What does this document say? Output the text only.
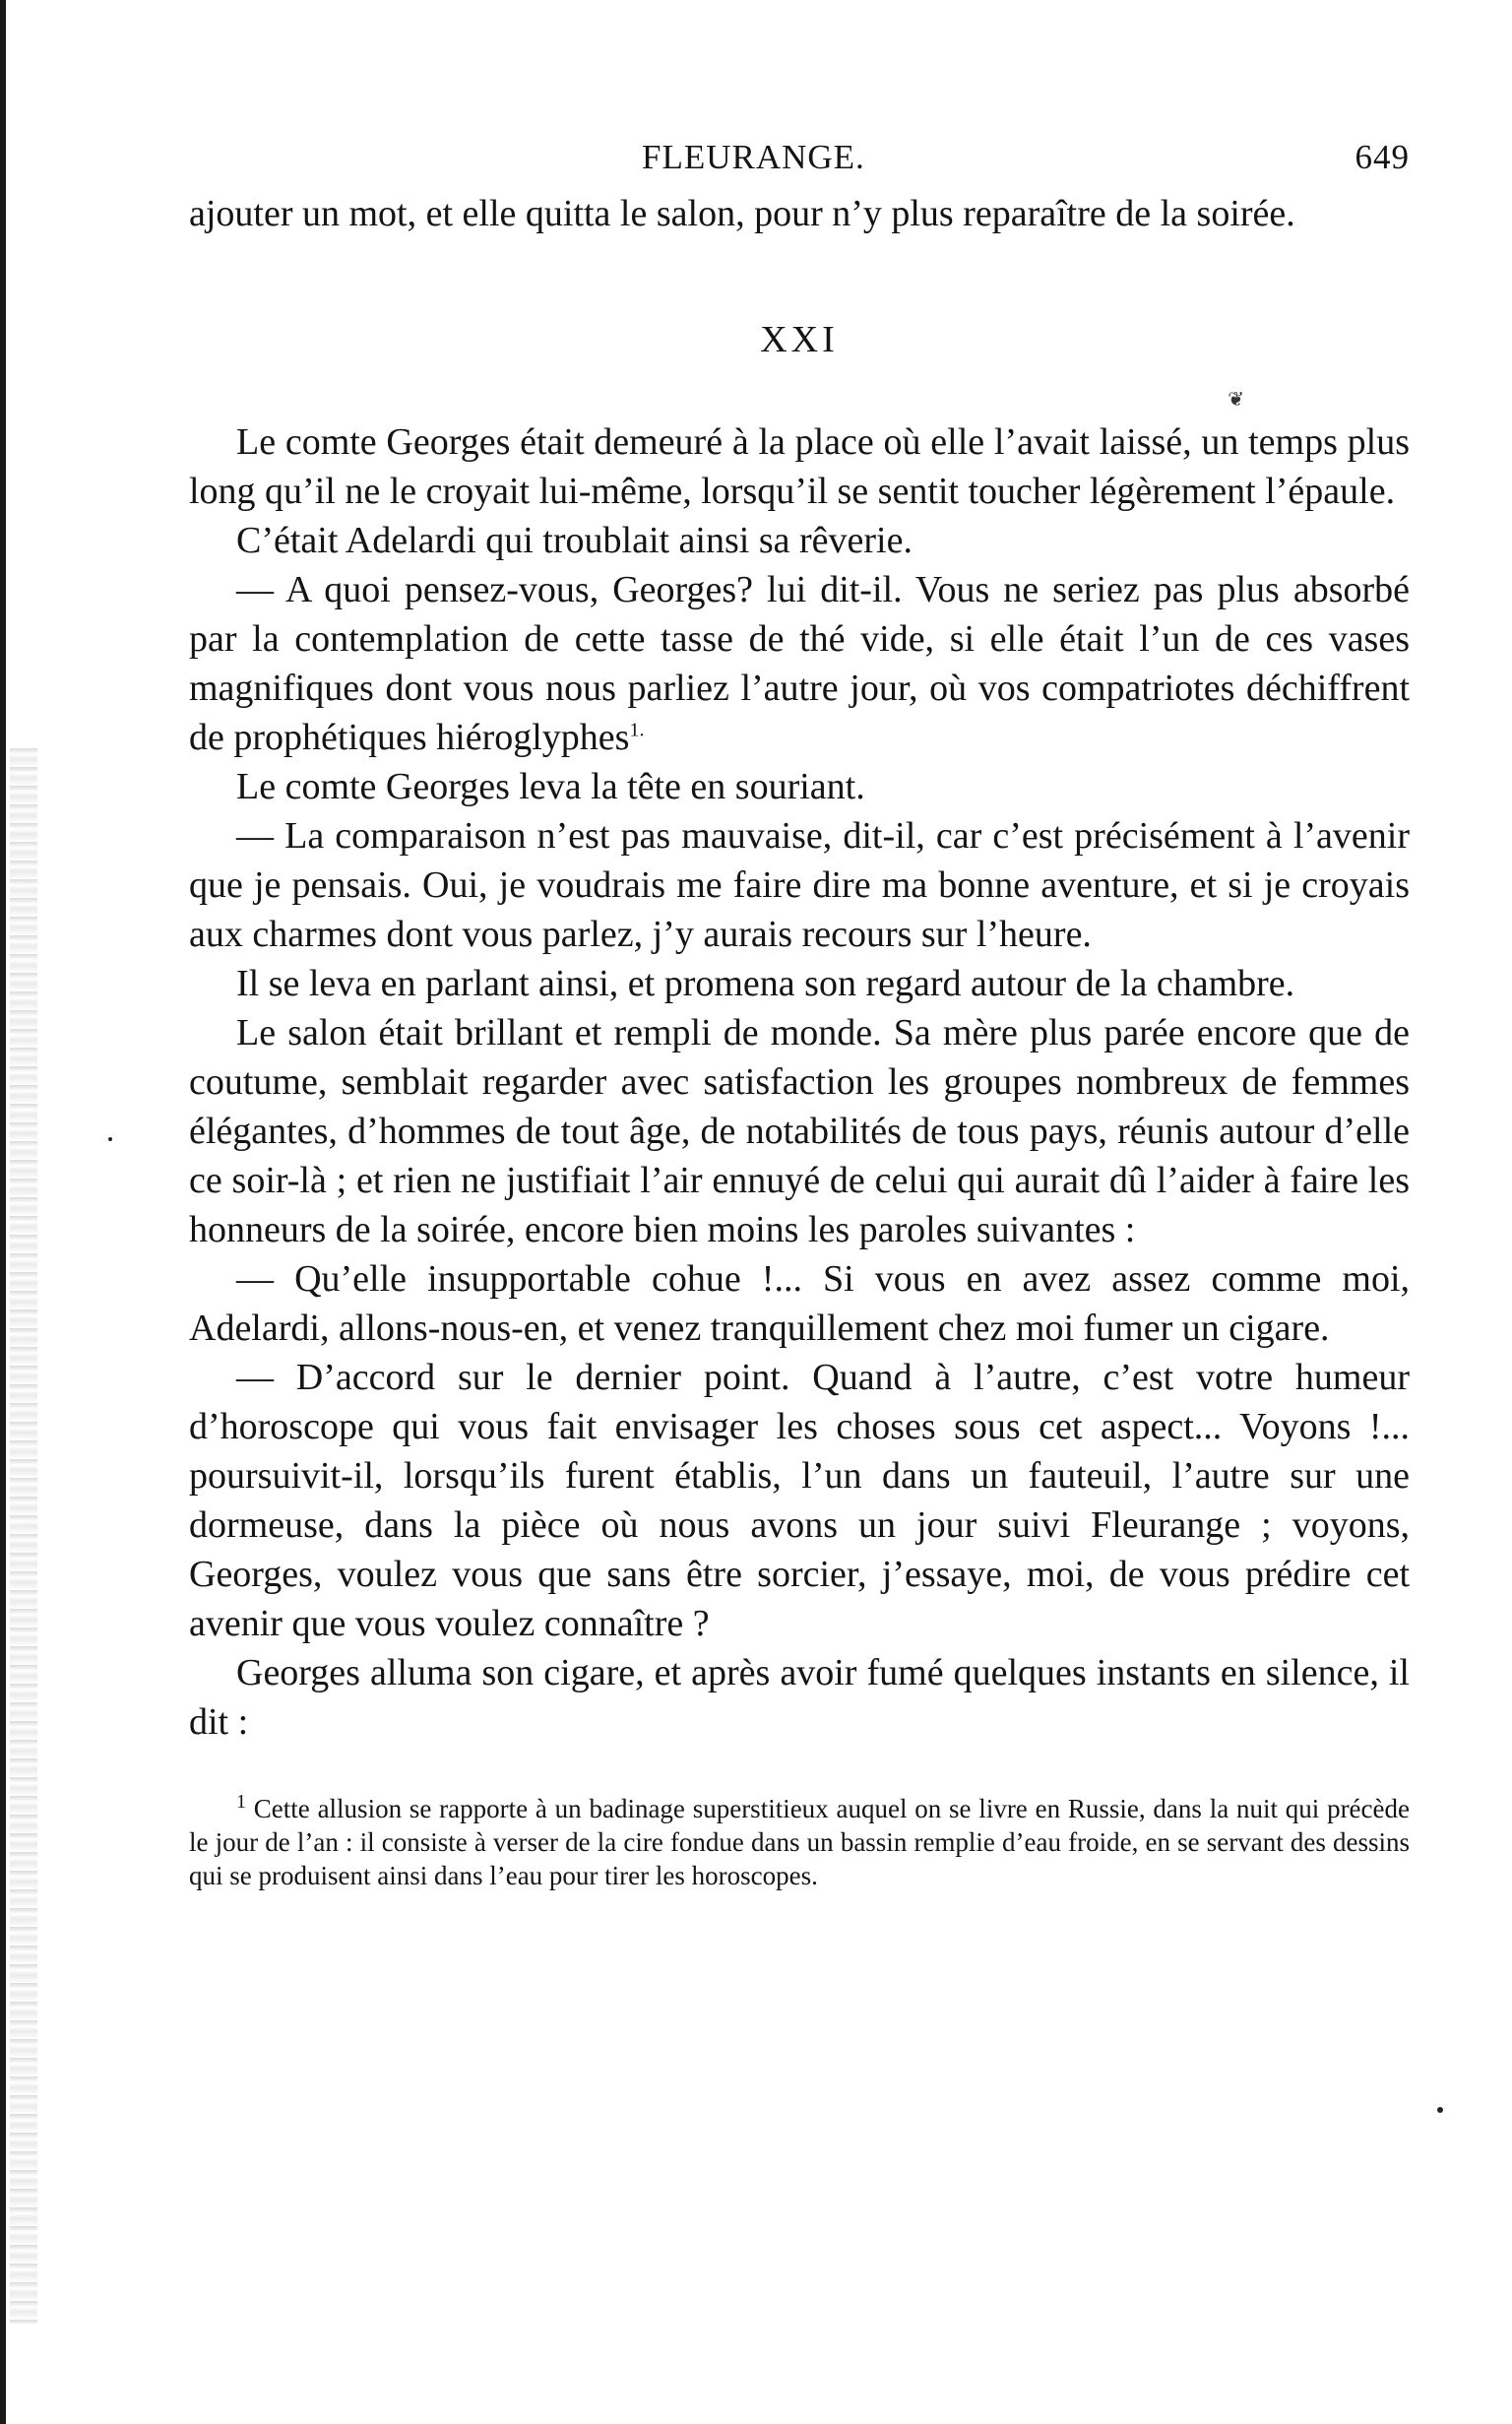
FLEURANGE.	649

ajouter un mot, et elle quitta le salon, pour n’y plus reparaître de la soirée.

XXI
❦

Le comte Georges était demeuré à la place où elle l’avait laissé, un temps plus long qu’il ne le croyait lui-même, lorsqu’il se sentit toucher légèrement l’épaule.

C’était Adelardi qui troublait ainsi sa rêverie.

— A quoi pensez-vous, Georges? lui dit-il. Vous ne seriez pas plus absorbé par la contemplation de cette tasse de thé vide, si elle était l’un de ces vases magnifiques dont vous nous parliez l’autre jour, où vos compatriotes déchiffrent de prophétiques hiéroglyphes$^{1.}$

Le comte Georges leva la tête en souriant.

— La comparaison n’est pas mauvaise, dit-il, car c’est précisément à l’avenir que je pensais. Oui, je voudrais me faire dire ma bonne aventure, et si je croyais aux charmes dont vous parlez, j’y aurais recours sur l’heure.

Il se leva en parlant ainsi, et promena son regard autour de la chambre.

Le salon était brillant et rempli de monde. Sa mère plus parée encore que de coutume, semblait regarder avec satisfaction les groupes nombreux de femmes élégantes, d’hommes de tout âge, de notabilités de tous pays, réunis autour d’elle ce soir-là ; et rien ne justifiait l’air ennuyé de celui qui aurait dû l’aider à faire les honneurs de la soirée, encore bien moins les paroles suivantes :

— Qu’elle insupportable cohue !... Si vous en avez assez comme moi, Adelardi, allons-nous-en, et venez tranquillement chez moi fumer un cigare.

— D’accord sur le dernier point. Quand à l’autre, c’est votre humeur d’horoscope qui vous fait envisager les choses sous cet aspect... Voyons !... poursuivit-il, lorsqu’ils furent établis, l’un dans un fauteuil, l’autre sur une dormeuse, dans la pièce où nous avons un jour suivi Fleurange ; voyons, Georges, voulez vous que sans être sorcier, j’essaye, moi, de vous prédire cet avenir que vous voulez connaître ?

Georges alluma son cigare, et après avoir fumé quelques instants en silence, il dit :

$^1$ Cette allusion se rapporte à un badinage superstitieux auquel on se livre en Russie, dans la nuit qui précède le jour de l’an : il consiste à verser de la cire fondue dans un bassin remplie d’eau froide, en se servant des dessins qui se produisent ainsi dans l’eau pour tirer les horoscopes.
